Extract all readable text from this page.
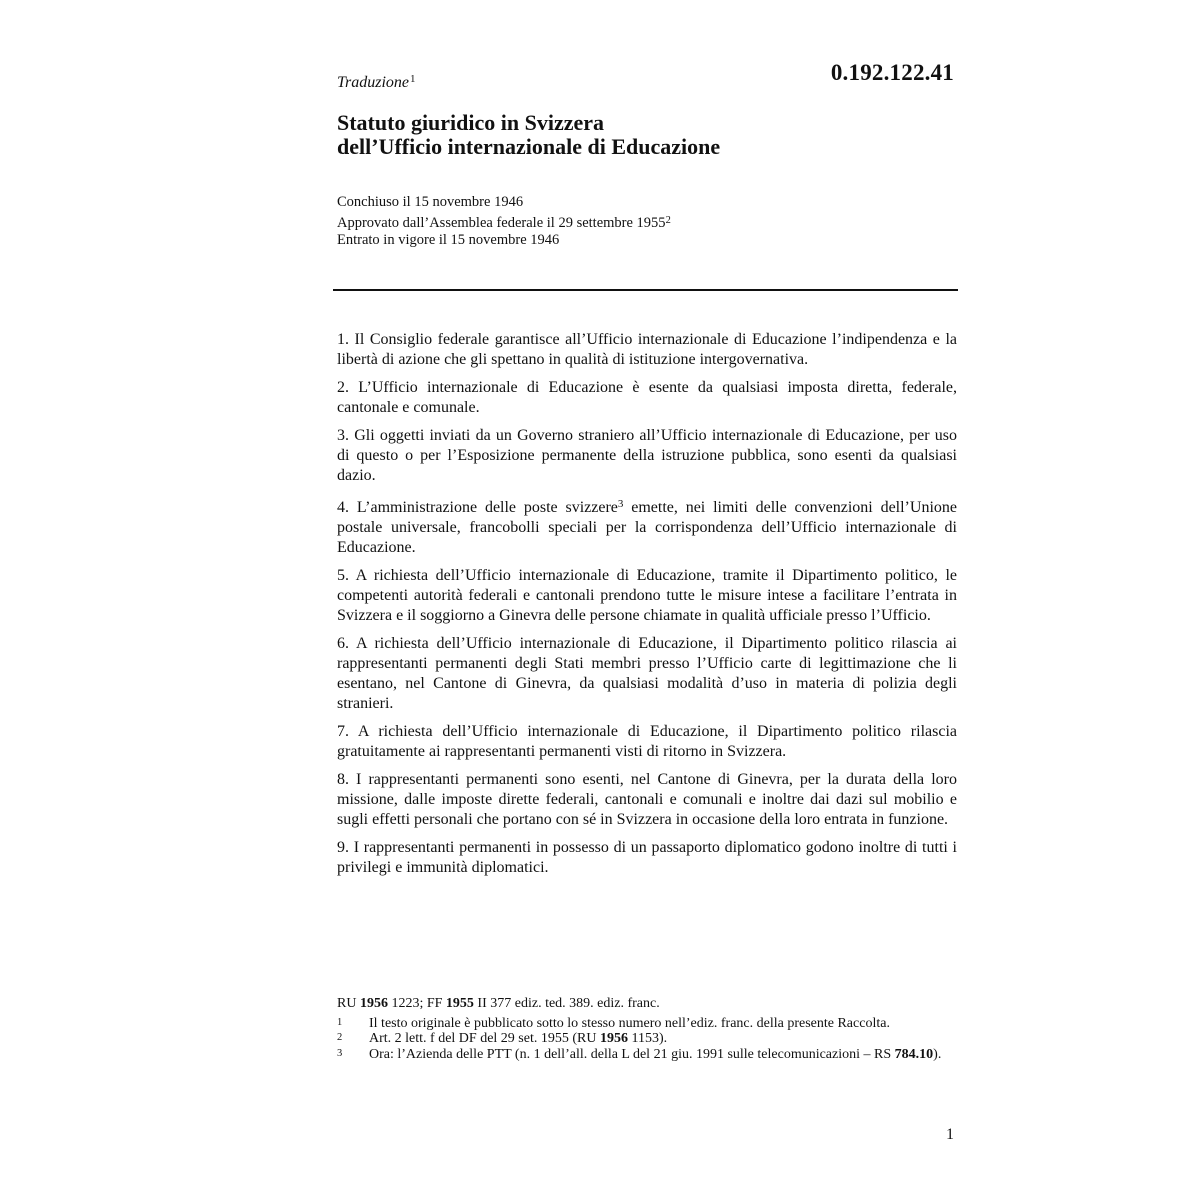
0.192.122.41
Traduzione$^1$
Statuto giuridico in Svizzera
dell’Ufficio internazionale di Educazione
Conchiuso il 15 novembre 1946
Approvato dall’Assemblea federale il 29 settembre 1955$^2$
Entrato in vigore il 15 novembre 1946

1. Il Consiglio federale garantisce all’Ufficio internazionale di Educazione l’indipendenza e la libertà di azione che gli spettano in qualità di istituzione intergovernativa.

2. L’Ufficio internazionale di Educazione è esente da qualsiasi imposta diretta, federale, cantonale e comunale.

3. Gli oggetti inviati da un Governo straniero all’Ufficio internazionale di Educazione, per uso di questo o per l’Esposizione permanente della istruzione pubblica, sono esenti da qualsiasi dazio.

4. L’amministrazione delle poste svizzere$^3$ emette, nei limiti delle convenzioni dell’Unione postale universale, francobolli speciali per la corrispondenza dell’Ufficio internazionale di Educazione.

5. A richiesta dell’Ufficio internazionale di Educazione, tramite il Dipartimento politico, le competenti autorità federali e cantonali prendono tutte le misure intese a facilitare l’entrata in Svizzera e il soggiorno a Ginevra delle persone chiamate in qualità ufficiale presso l’Ufficio.

6. A richiesta dell’Ufficio internazionale di Educazione, il Dipartimento politico rilascia ai rappresentanti permanenti degli Stati membri presso l’Ufficio carte di legittimazione che li esentano, nel Cantone di Ginevra, da qualsiasi modalità d’uso in materia di polizia degli stranieri.

7. A richiesta dell’Ufficio internazionale di Educazione, il Dipartimento politico rilascia gratuitamente ai rappresentanti permanenti visti di ritorno in Svizzera.

8. I rappresentanti permanenti sono esenti, nel Cantone di Ginevra, per la durata della loro missione, dalle imposte dirette federali, cantonali e comunali e inoltre dai dazi sul mobilio e sugli effetti personali che portano con sé in Svizzera in occasione della loro entrata in funzione.

9. I rappresentanti permanenti in possesso di un passaporto diplomatico godono inoltre di tutti i privilegi e immunità diplomatici.

RU 1956 1223; FF 1955 II 377 ediz. ted. 389. ediz. franc.
1	Il testo originale è pubblicato sotto lo stesso numero nell’ediz. franc. della presente Raccolta.
2	Art. 2 lett. f del DF del 29 set. 1955 (RU 1956 1153).
3	Ora: l’Azienda delle PTT (n. 1 dell’all. della L del 21 giu. 1991 sulle telecomunicazioni – RS 784.10).
1
